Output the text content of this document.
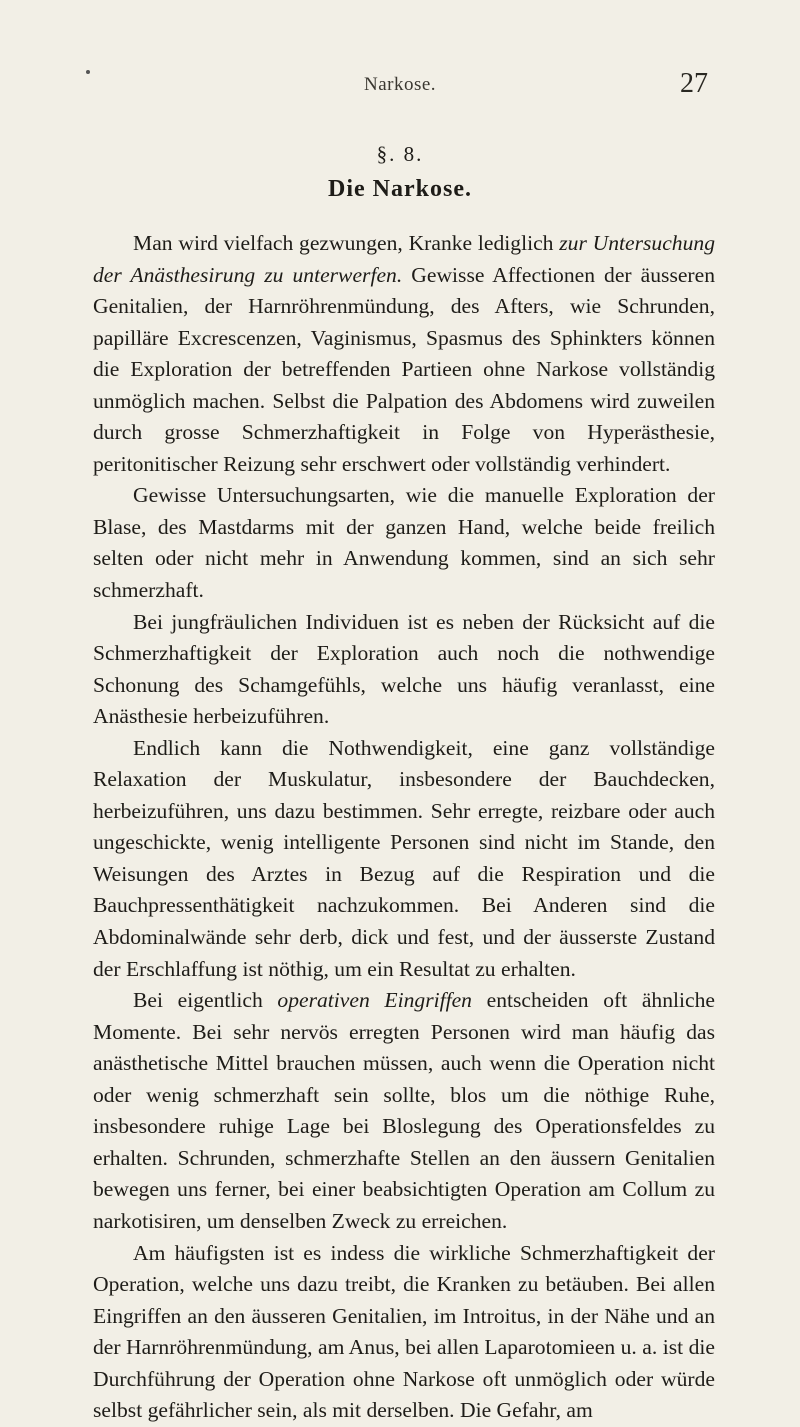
Narkose.	27
§. 8.
Die Narkose.

Man wird vielfach gezwungen, Kranke lediglich zur Untersuchung der Anästhesirung zu unterwerfen. Gewisse Affectionen der äusseren Genitalien, der Harnröhrenmündung, des Afters, wie Schrunden, papilläre Excrescenzen, Vaginismus, Spasmus des Sphinkters können die Exploration der betreffenden Partieen ohne Narkose vollständig unmöglich machen. Selbst die Palpation des Abdomens wird zuweilen durch grosse Schmerzhaftigkeit in Folge von Hyperästhesie, peritonitischer Reizung sehr erschwert oder vollständig verhindert.

Gewisse Untersuchungsarten, wie die manuelle Exploration der Blase, des Mastdarms mit der ganzen Hand, welche beide freilich selten oder nicht mehr in Anwendung kommen, sind an sich sehr schmerzhaft.

Bei jungfräulichen Individuen ist es neben der Rücksicht auf die Schmerzhaftigkeit der Exploration auch noch die nothwendige Schonung des Schamgefühls, welche uns häufig veranlasst, eine Anästhesie herbeizuführen.

Endlich kann die Nothwendigkeit, eine ganz vollständige Relaxation der Muskulatur, insbesondere der Bauchdecken, herbeizuführen, uns dazu bestimmen. Sehr erregte, reizbare oder auch ungeschickte, wenig intelligente Personen sind nicht im Stande, den Weisungen des Arztes in Bezug auf die Respiration und die Bauchpressenthätigkeit nachzukommen. Bei Anderen sind die Abdominalwände sehr derb, dick und fest, und der äusserste Zustand der Erschlaffung ist nöthig, um ein Resultat zu erhalten.

Bei eigentlich operativen Eingriffen entscheiden oft ähnliche Momente. Bei sehr nervös erregten Personen wird man häufig das anästhetische Mittel brauchen müssen, auch wenn die Operation nicht oder wenig schmerzhaft sein sollte, blos um die nöthige Ruhe, insbesondere ruhige Lage bei Bloslegung des Operationsfeldes zu erhalten. Schrunden, schmerzhafte Stellen an den äussern Genitalien bewegen uns ferner, bei einer beabsichtigten Operation am Collum zu narkotisiren, um denselben Zweck zu erreichen.

Am häufigsten ist es indess die wirkliche Schmerzhaftigkeit der Operation, welche uns dazu treibt, die Kranken zu betäuben. Bei allen Eingriffen an den äusseren Genitalien, im Introitus, in der Nähe und an der Harnröhrenmündung, am Anus, bei allen Laparotomieen u. a. ist die Durchführung der Operation ohne Narkose oft unmöglich oder würde selbst gefährlicher sein, als mit derselben. Die Gefahr, am
